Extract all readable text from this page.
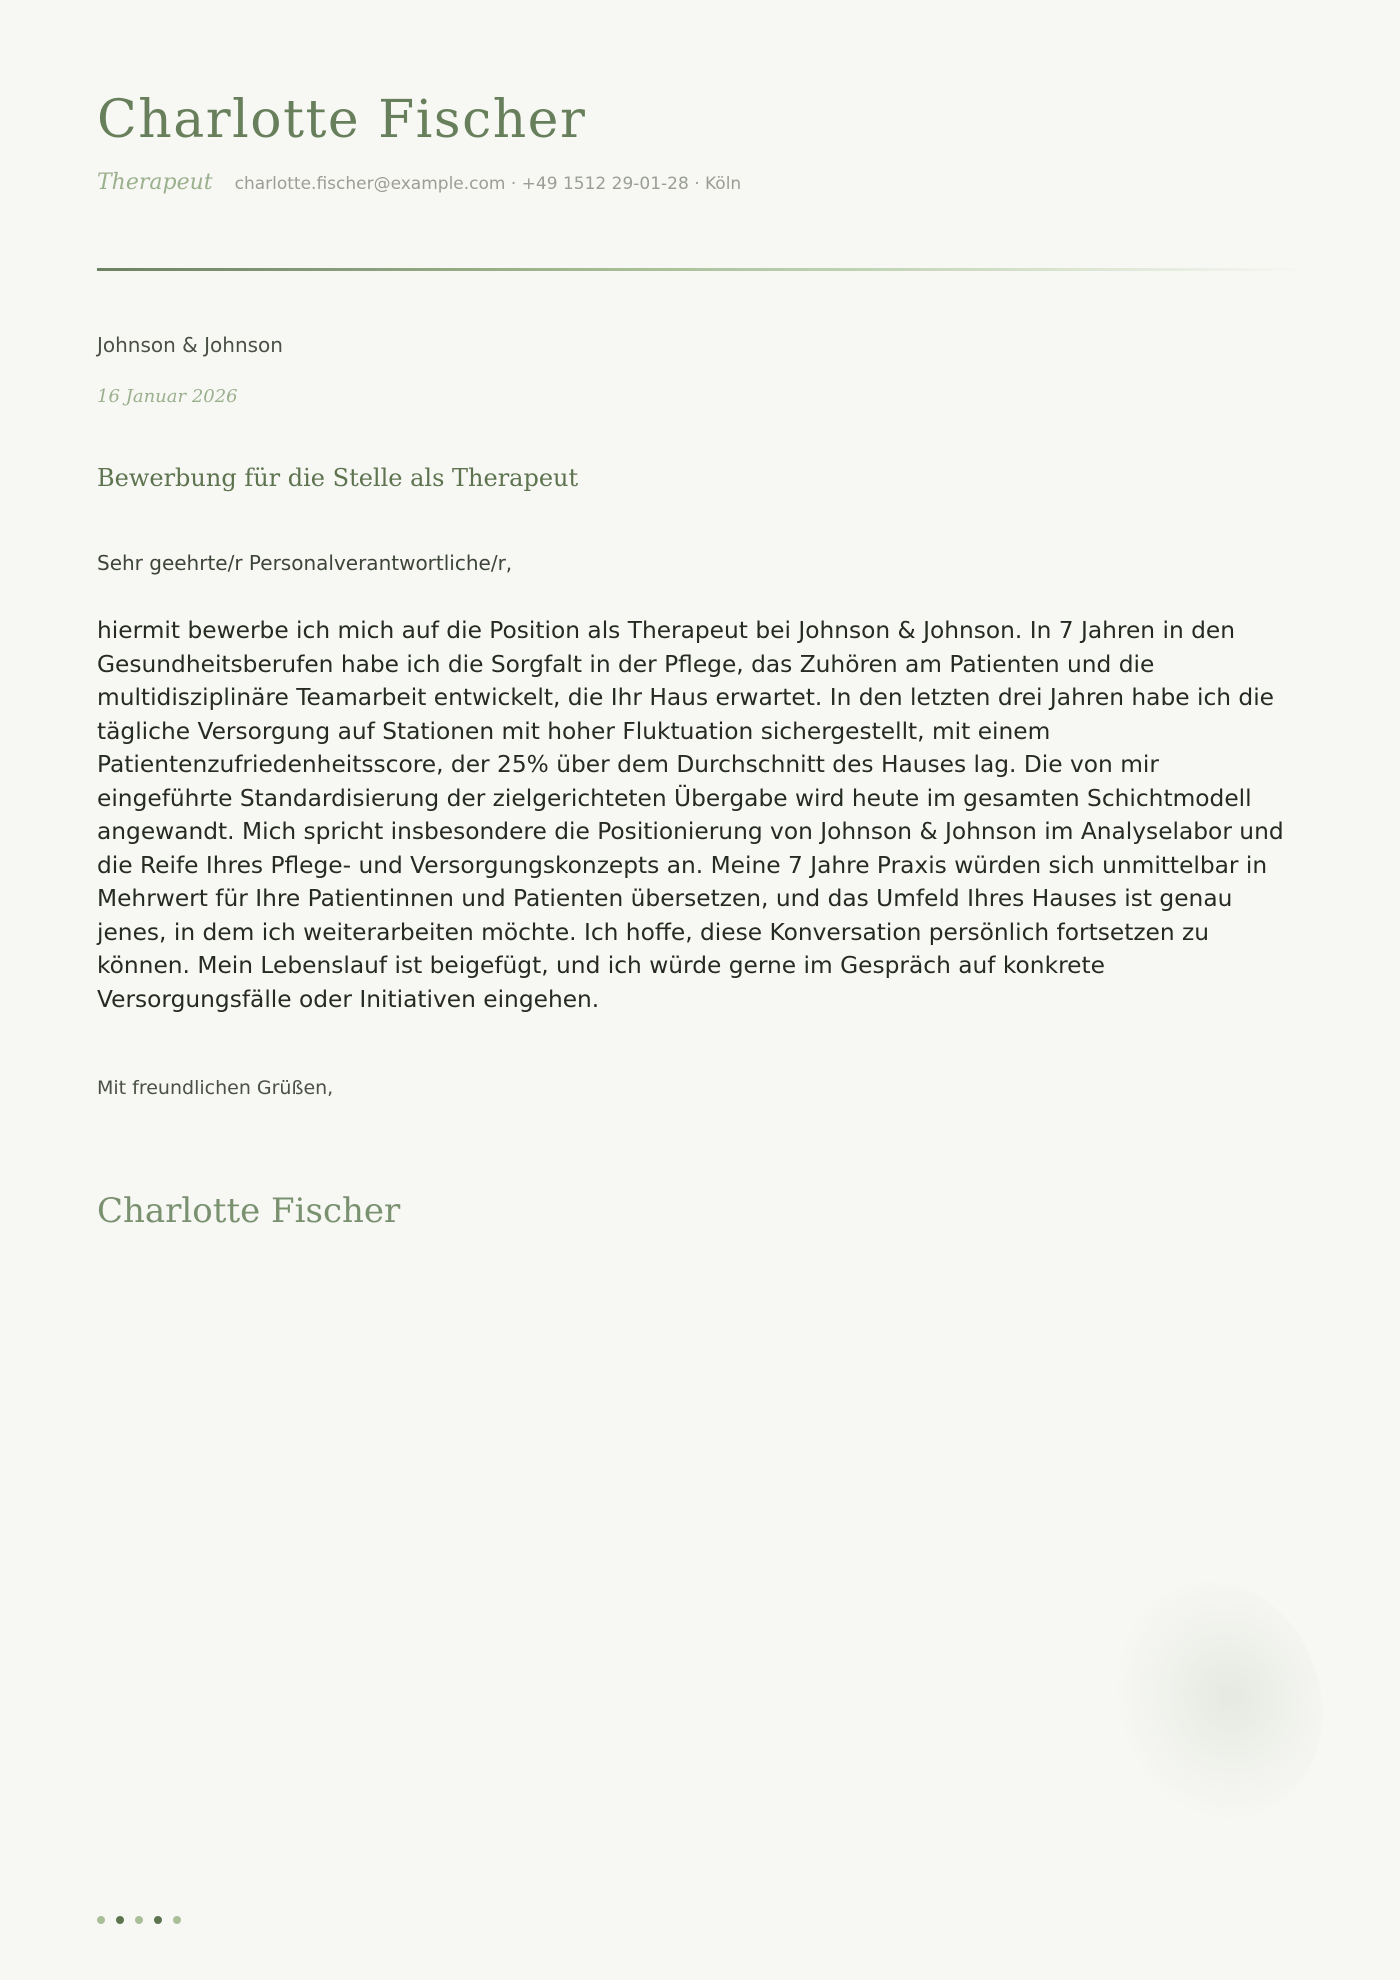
Charlotte Fischer
Therapeut charlotte.fischer@example.com · +49 1512 29-01-28 · Köln
Johnson & Johnson
16 Januar 2026
Bewerbung für die Stelle als Therapeut
Sehr geehrte/r Personalverantwortliche/r,
hiermit bewerbe ich mich auf die Position als Therapeut bei Johnson & Johnson. In 7 Jahren in den Gesundheitsberufen habe ich die Sorgfalt in der Pflege, das Zuhören am Patienten und die multidisziplinäre Teamarbeit entwickelt, die Ihr Haus erwartet. In den letzten drei Jahren habe ich die tägliche Versorgung auf Stationen mit hoher Fluktuation sichergestellt, mit einem Patientenzufriedenheitsscore, der 25% über dem Durchschnitt des Hauses lag. Die von mir eingeführte Standardisierung der zielgerichteten Übergabe wird heute im gesamten Schichtmodell angewandt. Mich spricht insbesondere die Positionierung von Johnson & Johnson im Analyselabor und die Reife Ihres Pflege- und Versorgungskonzepts an. Meine 7 Jahre Praxis würden sich unmittelbar in Mehrwert für Ihre Patientinnen und Patienten übersetzen, und das Umfeld Ihres Hauses ist genau jenes, in dem ich weiterarbeiten möchte. Ich hoffe, diese Konversation persönlich fortsetzen zu können. Mein Lebenslauf ist beigefügt, und ich würde gerne im Gespräch auf konkrete Versorgungsfälle oder Initiativen eingehen.
Mit freundlichen Grüßen,
Charlotte Fischer
